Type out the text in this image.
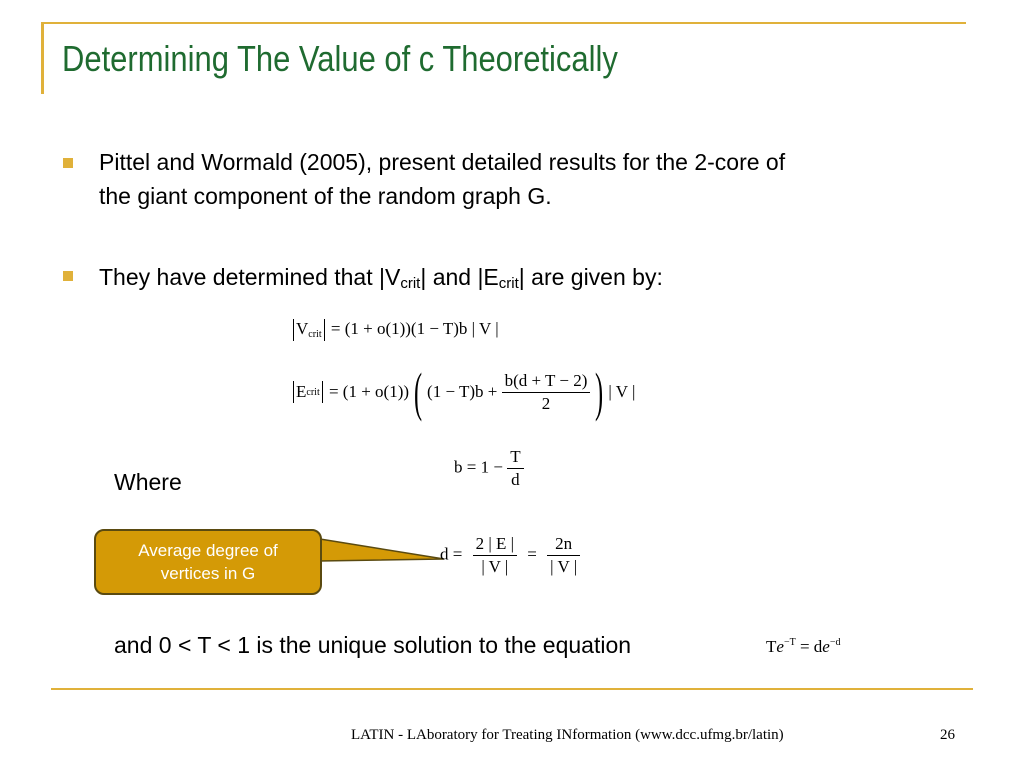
Determining The Value of c Theoretically
Pittel and Wormald (2005), present detailed results for the 2-core of
the giant component of the random graph G.
They have determined that $|V_{crit}|$ and $|E_{crit}|$ are given by:
$V_{crit} = (1 + o(1))(1 - T)b$ | V |
E crit
= (1 + o(1)) ( (1 − T)b +
$\frac{b(d + T - 2)}{2}$ ) | V |
Where
$b = 1 - \frac{T}{d}$
Average degree of
vertices in G
$d = \frac{2 | E |}{| V |} = \frac{2n}{| V |}$
and 0 < T < 1 is the unique solution to the equation	$Te^{-T} = de^{-d}$
LATIN - LAboratory for Treating INformation (www.dcc.ufmg.br/latin)	26
